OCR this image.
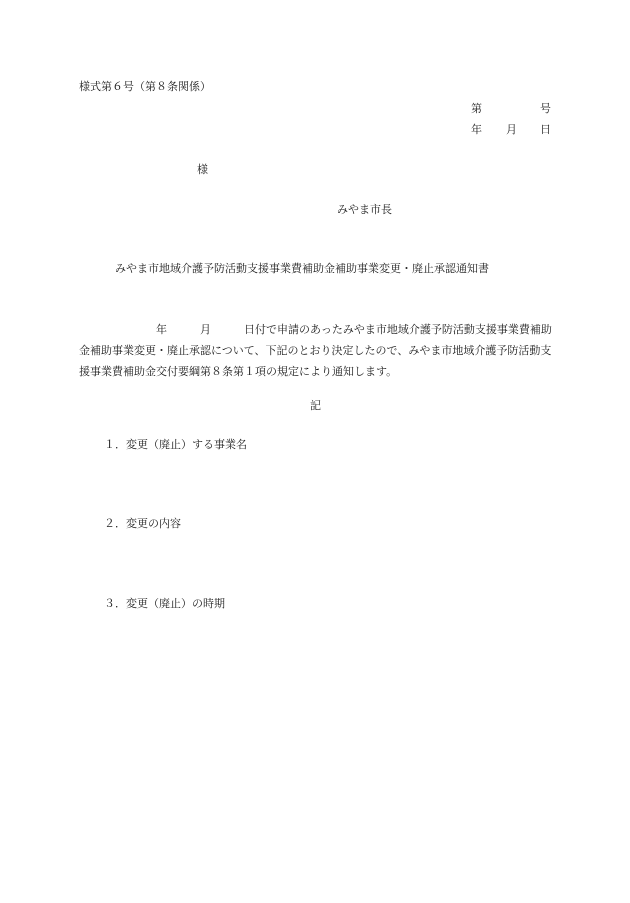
様式第６号（第８条関係）
第	号
年 月 日
様
みやま市長
みやま市地域介護予防活動支援事業費補助金補助事業変更・廃止承認通知書
　　　　　　　年　　　月　　　日付で申請のあったみやま市地域介護予防活動支援事業費補助金補助事業変更・廃止承認について、下記のとおり決定したので、みやま市地域介護予防活動支援事業費補助金交付要綱第８条第１項の規定により通知します。
記
１．変更（廃止）する事業名
２．変更の内容
３．変更（廃止）の時期
